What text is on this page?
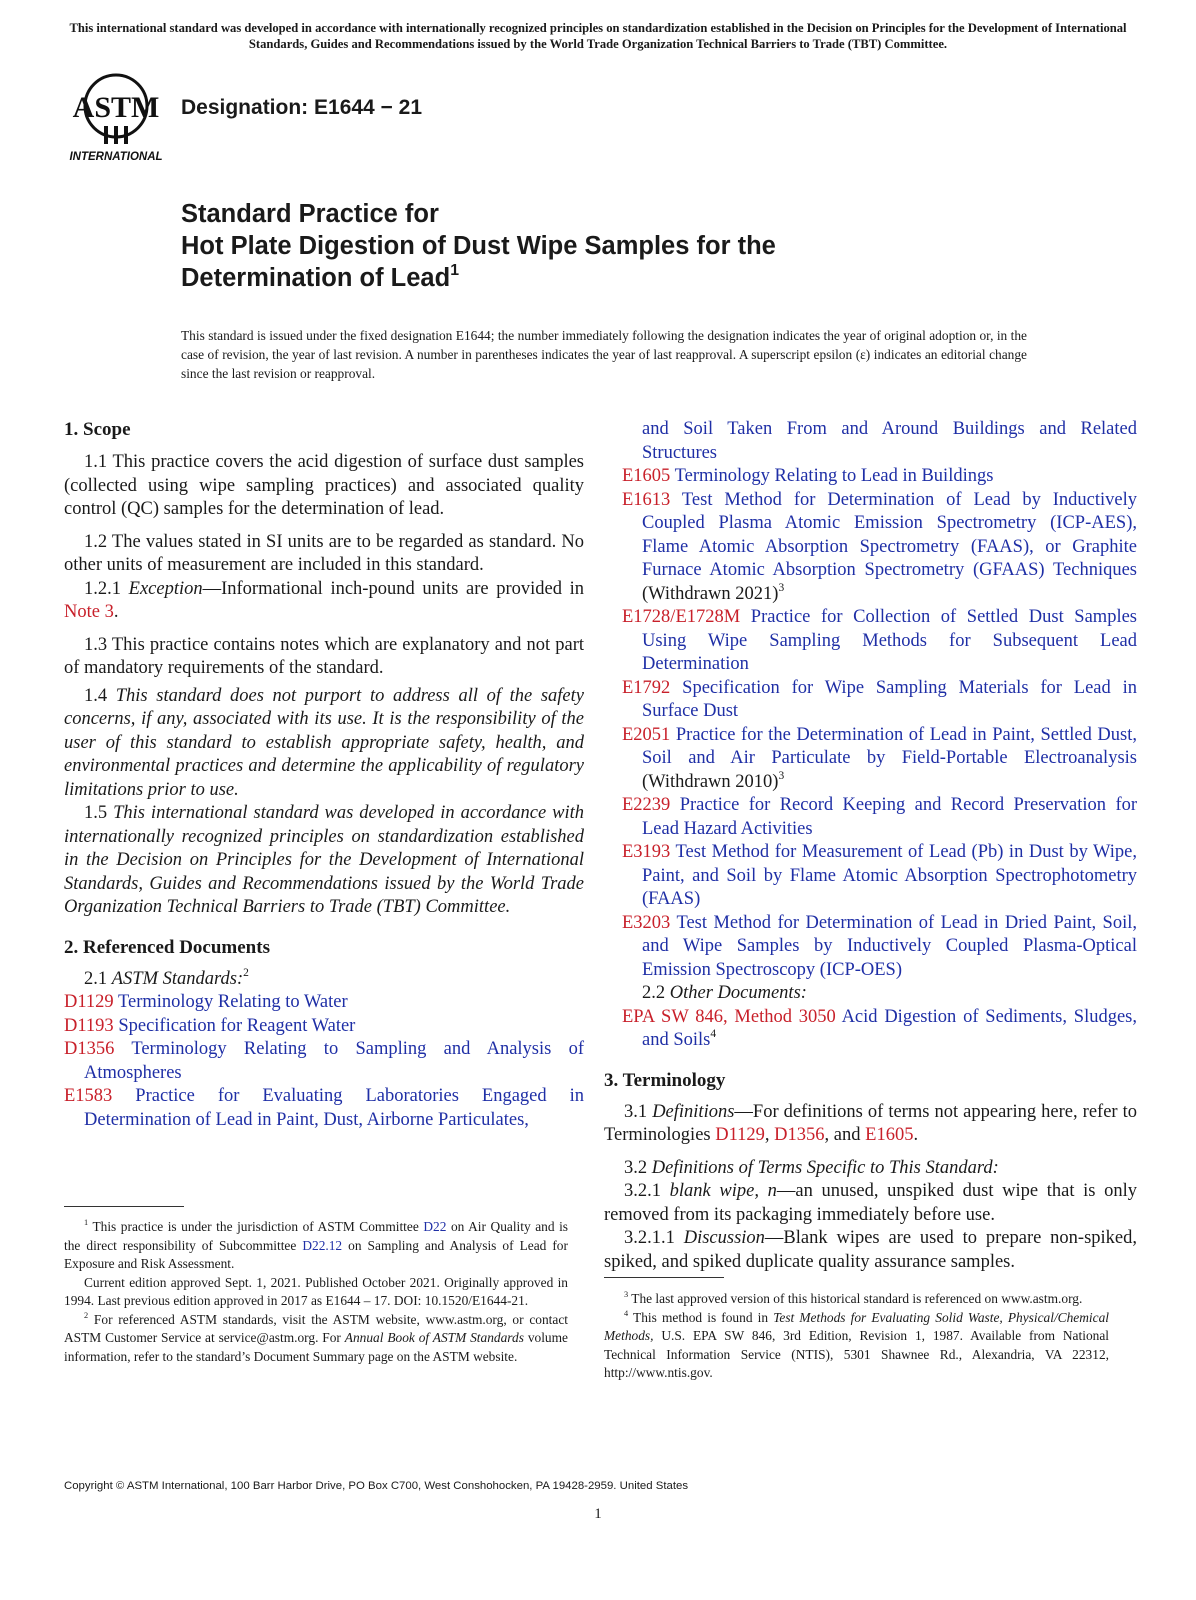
This international standard was developed in accordance with internationally recognized principles on standardization established in the Decision on Principles for the Development of International Standards, Guides and Recommendations issued by the World Trade Organization Technical Barriers to Trade (TBT) Committee.
ASTM
INTERNATIONAL
Designation: E1644 − 21
Standard Practice for
Hot Plate Digestion of Dust Wipe Samples for the
Determination of Lead$^1$
This standard is issued under the fixed designation E1644; the number immediately following the designation indicates the year of original adoption or, in the case of revision, the year of last revision. A number in parentheses indicates the year of last reapproval. A superscript epsilon (ε) indicates an editorial change since the last revision or reapproval.
1. Scope

1.1 This practice covers the acid digestion of surface dust samples (collected using wipe sampling practices) and associated quality control (QC) samples for the determination of lead.

1.2 The values stated in SI units are to be regarded as standard. No other units of measurement are included in this standard.

1.2.1 Exception—Informational inch-pound units are provided in Note 3.

1.3 This practice contains notes which are explanatory and not part of mandatory requirements of the standard.

1.4 This standard does not purport to address all of the safety concerns, if any, associated with its use. It is the responsibility of the user of this standard to establish appropriate safety, health, and environmental practices and determine the applicability of regulatory limitations prior to use.

1.5 This international standard was developed in accordance with internationally recognized principles on standardization established in the Decision on Principles for the Development of International Standards, Guides and Recommendations issued by the World Trade Organization Technical Barriers to Trade (TBT) Committee.

2. Referenced Documents

2.1 ASTM Standards:$^2$

D1129 Terminology Relating to Water

D1193 Specification for Reagent Water

D1356 Terminology Relating to Sampling and Analysis of Atmospheres

E1583 Practice for Evaluating Laboratories Engaged in Determination of Lead in Paint, Dust, Airborne Particulates,

$^1$ This practice is under the jurisdiction of ASTM Committee D22 on Air Quality and is the direct responsibility of Subcommittee D22.12 on Sampling and Analysis of Lead for Exposure and Risk Assessment.

Current edition approved Sept. 1, 2021. Published October 2021. Originally approved in 1994. Last previous edition approved in 2017 as E1644 – 17. DOI: 10.1520/E1644-21.

$^2$ For referenced ASTM standards, visit the ASTM website, www.astm.org, or contact ASTM Customer Service at service@astm.org. For Annual Book of ASTM Standards volume information, refer to the standard’s Document Summary page on the ASTM website.

and Soil Taken From and Around Buildings and Related Structures

E1605 Terminology Relating to Lead in Buildings

E1613 Test Method for Determination of Lead by Inductively Coupled Plasma Atomic Emission Spectrometry (ICP-AES), Flame Atomic Absorption Spectrometry (FAAS), or Graphite Furnace Atomic Absorption Spectrometry (GFAAS) Techniques (Withdrawn 2021)$^3$

E1728/E1728M Practice for Collection of Settled Dust Samples Using Wipe Sampling Methods for Subsequent Lead Determination

E1792 Specification for Wipe Sampling Materials for Lead in Surface Dust

E2051 Practice for the Determination of Lead in Paint, Settled Dust, Soil and Air Particulate by Field-Portable Electroanalysis (Withdrawn 2010)$^3$

E2239 Practice for Record Keeping and Record Preservation for Lead Hazard Activities

E3193 Test Method for Measurement of Lead (Pb) in Dust by Wipe, Paint, and Soil by Flame Atomic Absorption Spectrophotometry (FAAS)

E3203 Test Method for Determination of Lead in Dried Paint, Soil, and Wipe Samples by Inductively Coupled Plasma-Optical Emission Spectroscopy (ICP-OES)

2.2 Other Documents:

EPA SW 846, Method 3050 Acid Digestion of Sediments, Sludges, and Soils$^4$

3. Terminology

3.1 Definitions—For definitions of terms not appearing here, refer to Terminologies D1129, D1356, and E1605.

3.2 Definitions of Terms Specific to This Standard:

3.2.1 blank wipe, n—an unused, unspiked dust wipe that is only removed from its packaging immediately before use.

3.2.1.1 Discussion—Blank wipes are used to prepare non-spiked, spiked, and spiked duplicate quality assurance samples.

$^3$ The last approved version of this historical standard is referenced on www.astm.org.

$^4$ This method is found in Test Methods for Evaluating Solid Waste, Physical/Chemical Methods, U.S. EPA SW 846, 3rd Edition, Revision 1, 1987. Available from National Technical Information Service (NTIS), 5301 Shawnee Rd., Alexandria, VA 22312, http://www.ntis.gov.

Copyright © ASTM International, 100 Barr Harbor Drive, PO Box C700, West Conshohocken, PA 19428-2959. United States
1
